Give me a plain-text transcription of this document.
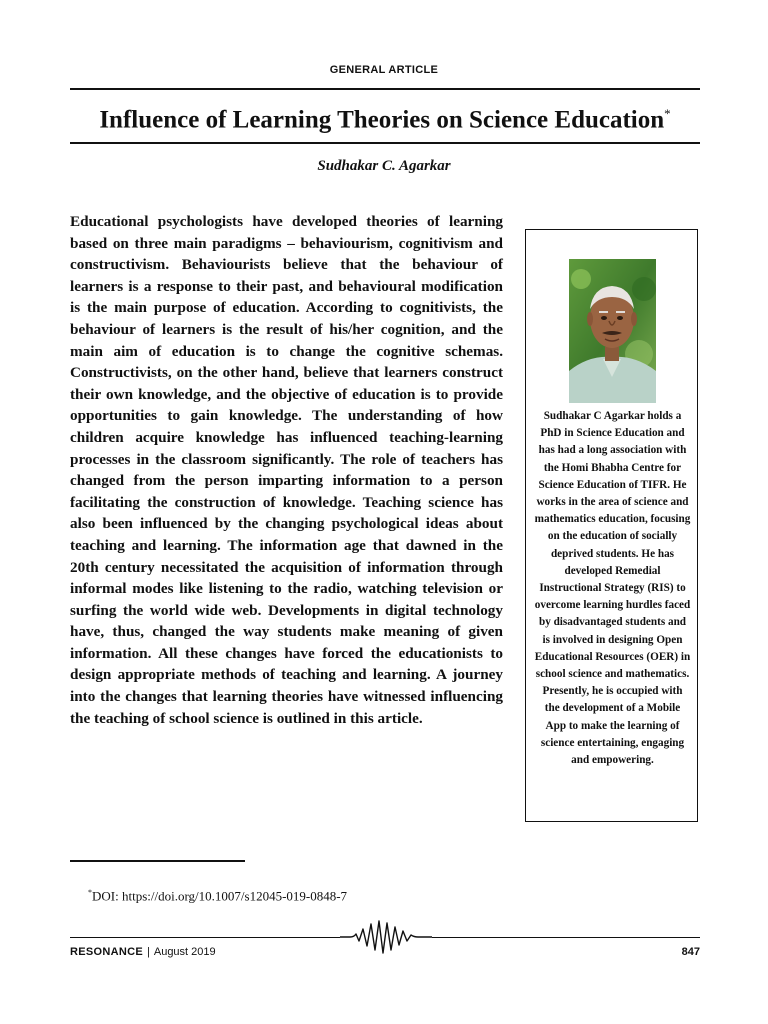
GENERAL ARTICLE
Influence of Learning Theories on Science Education*
Sudhakar C. Agarkar
Educational psychologists have developed theories of learning based on three main paradigms – behaviourism, cognitivism and constructivism. Behaviourists believe that the behaviour of learners is a response to their past, and behavioural modification is the main purpose of education. According to cognitivists, the behaviour of learners is the result of his/her cognition, and the main aim of education is to change the cognitive schemas. Constructivists, on the other hand, believe that learners construct their own knowledge, and the objective of education is to provide opportunities to gain knowledge. The understanding of how children acquire knowledge has influenced teaching-learning processes in the classroom significantly. The role of teachers has changed from the person imparting information to a person facilitating the construction of knowledge. Teaching science has also been influenced by the changing psychological ideas about teaching and learning. The information age that dawned in the 20th century necessitated the acquisition of information through informal modes like listening to the radio, watching television or surfing the world wide web. Developments in digital technology have, thus, changed the way students make meaning of given information. All these changes have forced the educationists to design appropriate methods of teaching and learning. A journey into the changes that learning theories have witnessed influencing the teaching of school science is outlined in this article.
Sudhakar C Agarkar holds a PhD in Science Education and has had a long association with the Homi Bhabha Centre for Science Education of TIFR. He works in the area of science and mathematics education, focusing on the education of socially deprived students. He has developed Remedial Instructional Strategy (RIS) to overcome learning hurdles faced by disadvantaged students and is involved in designing Open Educational Resources (OER) in school science and mathematics. Presently, he is occupied with the development of a Mobile App to make the learning of science entertaining, engaging and empowering.
*DOI: https://doi.org/10.1007/s12045-019-0848-7
RESONANCE | August 2019	847
